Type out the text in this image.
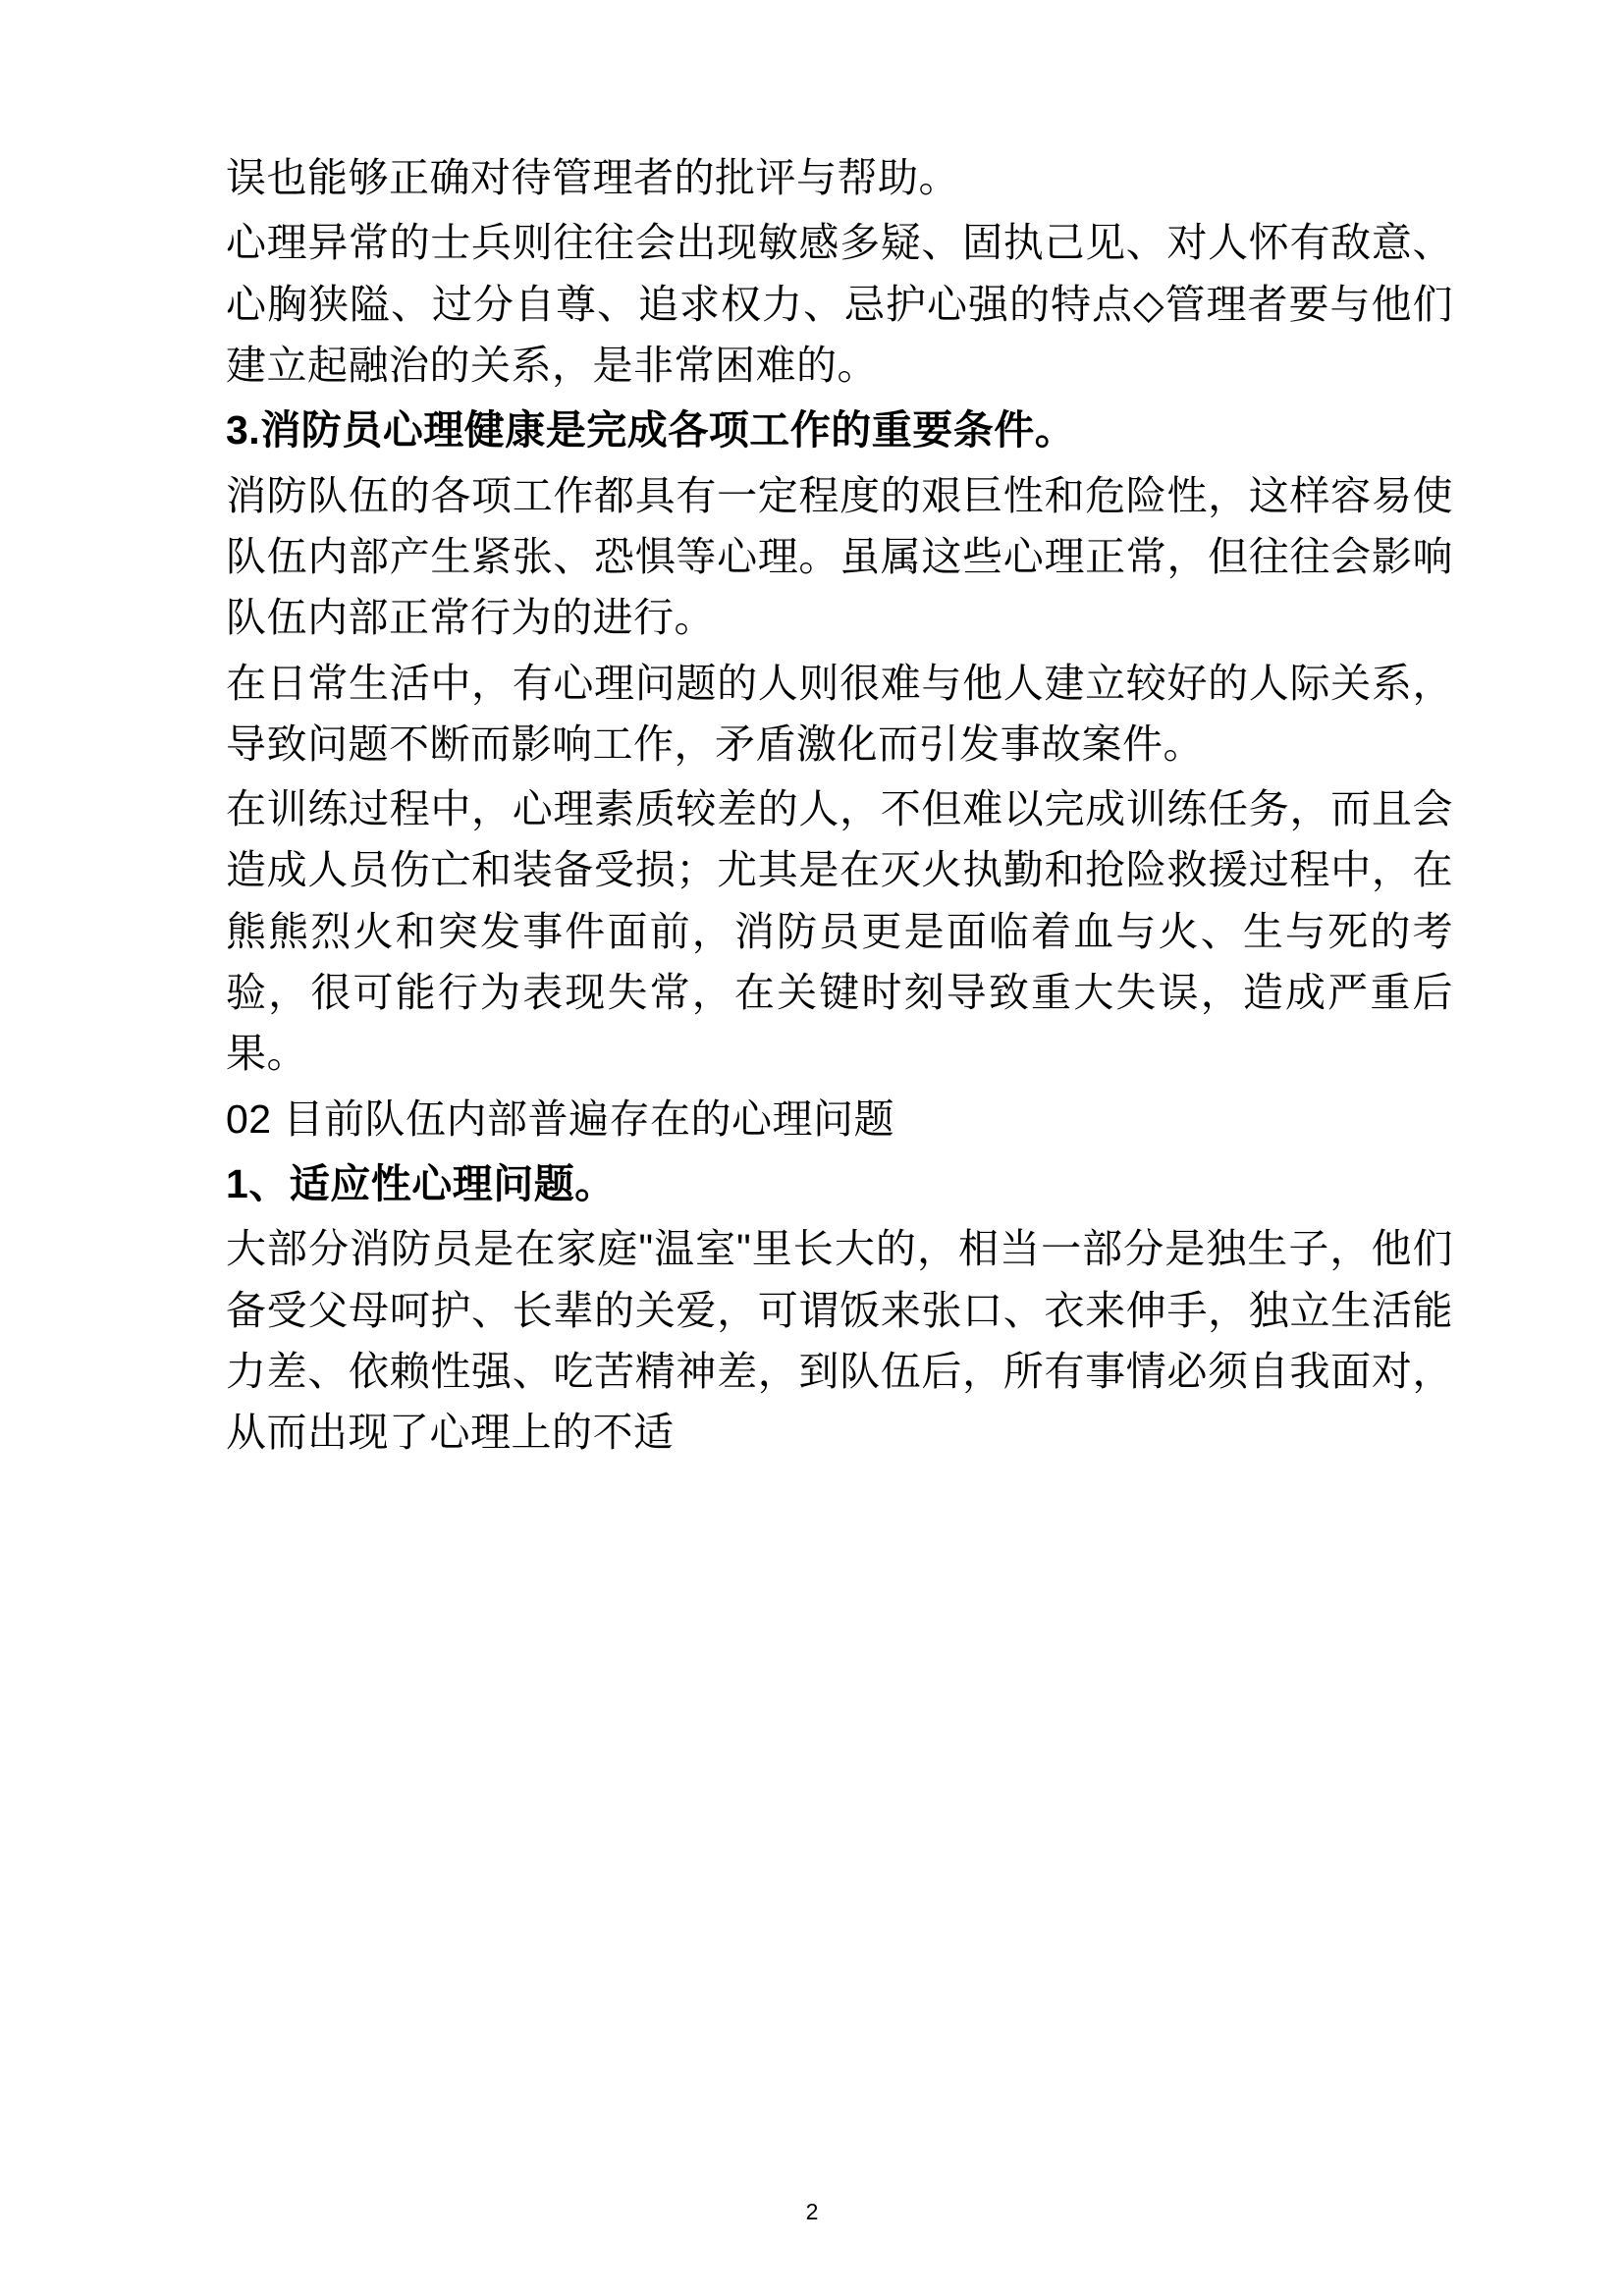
误也能够正确对待管理者的批评与帮助。

心理异常的士兵则往往会出现敏感多疑、固执己见、对人怀有敌意、心胸狭隘、过分自尊、追求权力、忌护心强的特点◇管理者要与他们建立起融治的关系，是非常困难的。

3.消防员心理健康是完成各项工作的重要条件。

消防队伍的各项工作都具有一定程度的艰巨性和危险性，这样容易使队伍内部产生紧张、恐惧等心理。虽属这些心理正常，但往往会影响队伍内部正常行为的进行。

在日常生活中，有心理问题的人则很难与他人建立较好的人际关系，导致问题不断而影响工作，矛盾激化而引发事故案件。

在训练过程中，心理素质较差的人，不但难以完成训练任务，而且会造成人员伤亡和装备受损；尤其是在灭火执勤和抢险救援过程中，在熊熊烈火和突发事件面前，消防员更是面临着血与火、生与死的考验，很可能行为表现失常，在关键时刻导致重大失误，造成严重后果。

02 目前队伍内部普遍存在的心理问题

1、适应性心理问题。

大部分消防员是在家庭"温室"里长大的，相当一部分是独生子，他们备受父母呵护、长辈的关爱，可谓饭来张口、衣来伸手，独立生活能力差、依赖性强、吃苦精神差，到队伍后，所有事情必须自我面对，从而出现了心理上的不适

2
